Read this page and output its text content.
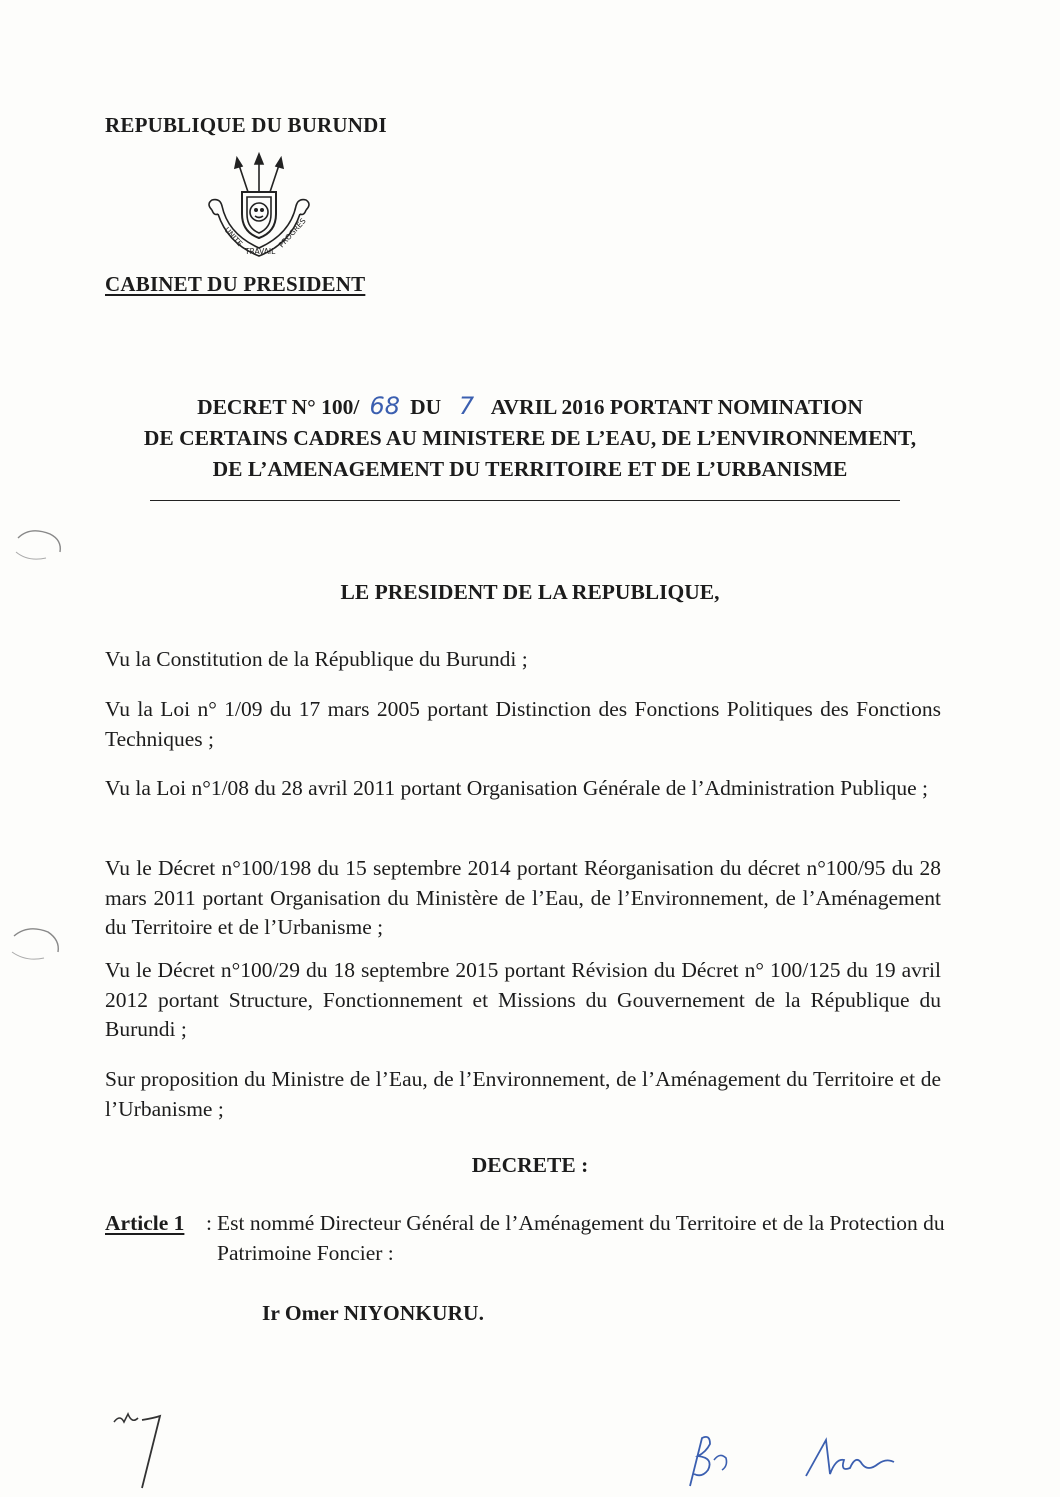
REPUBLIQUE DU BURUNDI
UNITE
TRAVAIL
PROGRES
CABINET DU PRESIDENT
DECRET N° 100/ 68 DU 7 AVRIL 2016 PORTANT NOMINATION
DE CERTAINS CADRES AU MINISTERE DE L’EAU, DE L’ENVIRONNEMENT,
DE L’AMENAGEMENT DU TERRITOIRE ET DE L’URBANISME
LE PRESIDENT DE LA REPUBLIQUE,
Vu la Constitution de la République du Burundi ;
Vu la Loi n° 1/09 du 17 mars 2005 portant Distinction des Fonctions Politiques des Fonctions Techniques ;
Vu la Loi n°1/08 du 28 avril 2011 portant Organisation Générale de l’Administration Publique ;
Vu le Décret n°100/198 du 15 septembre 2014 portant Réorganisation du décret n°100/95 du 28 mars 2011 portant Organisation du Ministère de l’Eau, de l’Environnement, de l’Aménagement du Territoire et de l’Urbanisme ;
Vu le Décret n°100/29 du 18 septembre 2015 portant Révision du Décret n° 100/125 du 19 avril 2012 portant Structure, Fonctionnement et Missions du Gouvernement de la République du Burundi ;
Sur proposition du Ministre de l’Eau, de l’Environnement, de l’Aménagement du Territoire et de l’Urbanisme ;
DECRETE :
Article 1 : Est nommé Directeur Général de l’Aménagement du Territoire et de la Protection du Patrimoine Foncier :
Ir Omer NIYONKURU.
